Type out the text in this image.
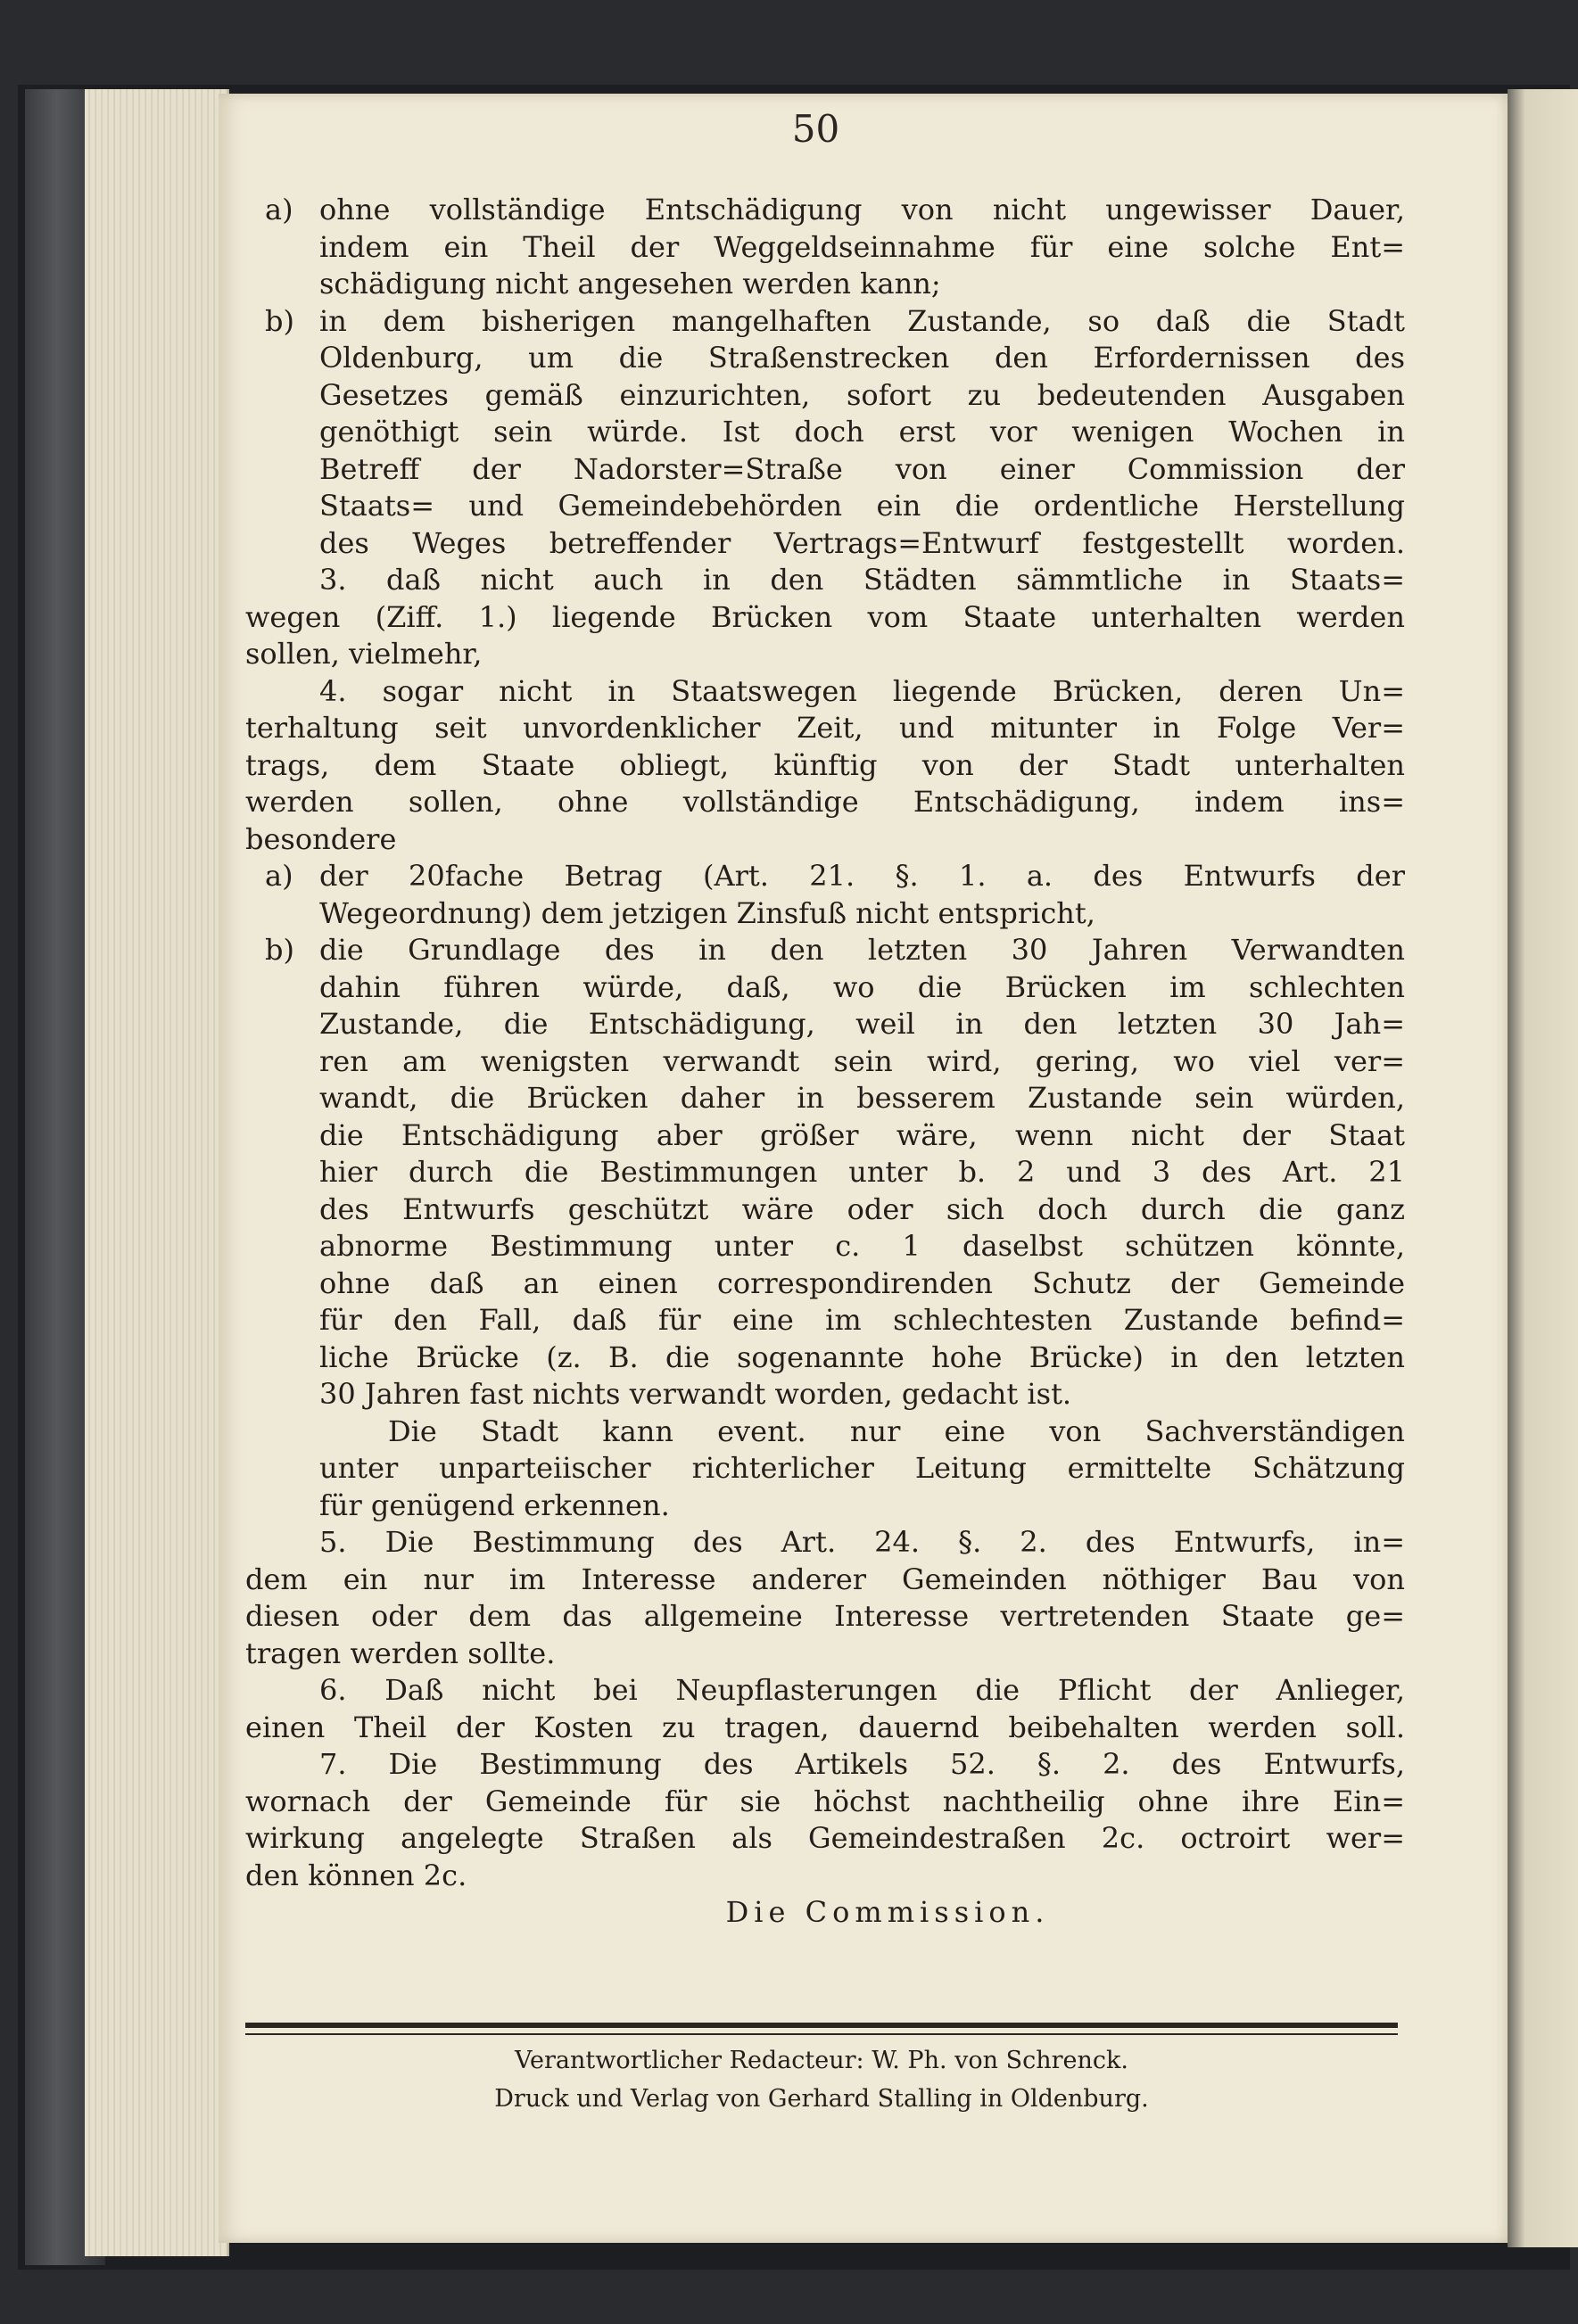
50
a) ohne vollständige Entschädigung von nicht ungewisser Dauer,
indem ein Theil der Weggeldseinnahme für eine solche Ent=
schädigung nicht angesehen werden kann;
b) in dem bisherigen mangelhaften Zustande, so daß die Stadt
Oldenburg, um die Straßenstrecken den Erfordernissen des
Gesetzes gemäß einzurichten, sofort zu bedeutenden Ausgaben
genöthigt sein würde. Ist doch erst vor wenigen Wochen in
Betreff der Nadorster=Straße von einer Commission der
Staats= und Gemeindebehörden ein die ordentliche Herstellung
des Weges betreffender Vertrags=Entwurf festgestellt worden.
3. daß nicht auch in den Städten sämmtliche in Staats=
wegen (Ziff. 1.) liegende Brücken vom Staate unterhalten werden
sollen, vielmehr,
4. sogar nicht in Staatswegen liegende Brücken, deren Un=
terhaltung seit unvordenklicher Zeit, und mitunter in Folge Ver=
trags, dem Staate obliegt, künftig von der Stadt unterhalten
werden sollen, ohne vollständige Entschädigung, indem ins=
besondere
a) der 20fache Betrag (Art. 21. §. 1. a. des Entwurfs der
Wegeordnung) dem jetzigen Zinsfuß nicht entspricht,
b) die Grundlage des in den letzten 30 Jahren Verwandten
dahin führen würde, daß, wo die Brücken im schlechten
Zustande, die Entschädigung, weil in den letzten 30 Jah=
ren am wenigsten verwandt sein wird, gering, wo viel ver=
wandt, die Brücken daher in besserem Zustande sein würden,
die Entschädigung aber größer wäre, wenn nicht der Staat
hier durch die Bestimmungen unter b. 2 und 3 des Art. 21
des Entwurfs geschützt wäre oder sich doch durch die ganz
abnorme Bestimmung unter c. 1 daselbst schützen könnte,
ohne daß an einen correspondirenden Schutz der Gemeinde
für den Fall, daß für eine im schlechtesten Zustande befind=
liche Brücke (z. B. die sogenannte hohe Brücke) in den letzten
30 Jahren fast nichts verwandt worden, gedacht ist.
Die Stadt kann event. nur eine von Sachverständigen
unter unparteiischer richterlicher Leitung ermittelte Schätzung
für genügend erkennen.
5. Die Bestimmung des Art. 24. §. 2. des Entwurfs, in=
dem ein nur im Interesse anderer Gemeinden nöthiger Bau von
diesen oder dem das allgemeine Interesse vertretenden Staate ge=
tragen werden sollte.
6. Daß nicht bei Neupflasterungen die Pflicht der Anlieger,
einen Theil der Kosten zu tragen, dauernd beibehalten werden soll.
7. Die Bestimmung des Artikels 52. §. 2. des Entwurfs,
wornach der Gemeinde für sie höchst nachtheilig ohne ihre Ein=
wirkung angelegte Straßen als Gemeindestraßen 2c. octroirt wer=
den können 2c.
Die Commission.
Verantwortlicher Redacteur: W. Ph. von Schrenck.
Druck und Verlag von Gerhard Stalling in Oldenburg.
